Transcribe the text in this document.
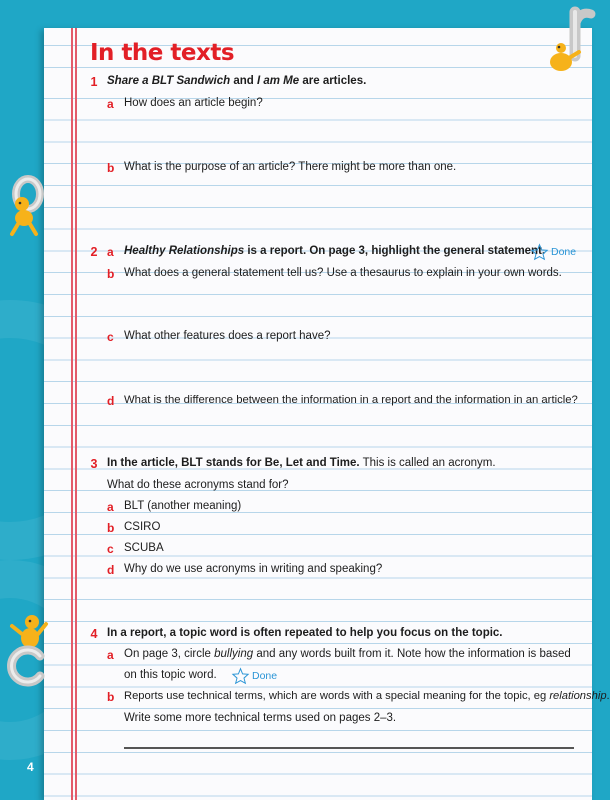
In the texts
1 Share a BLT Sandwich and I am Me are articles.
a How does an article begin?
b What is the purpose of an article? There might be more than one.
2 a Healthy Relationships is a report. On page 3, highlight the general statement. Done
b What does a general statement tell us? Use a thesaurus to explain in your own words.
c What other features does a report have?
d What is the difference between the information in a report and the information in an article?
3 In the article, BLT stands for Be, Let and Time. This is called an acronym.
What do these acronyms stand for?
a BLT (another meaning)
b CSIRO
c SCUBA
d Why do we use acronyms in writing and speaking?
4 In a report, a topic word is often repeated to help you focus on the topic.
a On page 3, circle bullying and any words built from it. Note how the information is based
on this topic word.	Done
b Reports use technical terms, which are words with a special meaning for the topic, eg relationship.
Write some more technical terms used on pages 2–3.
4
